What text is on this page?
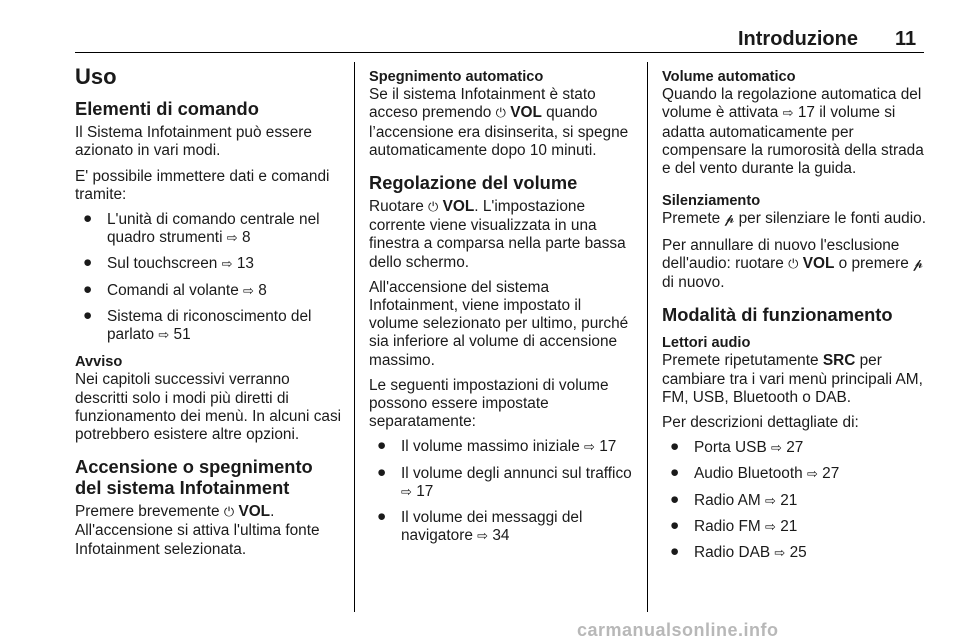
Introduzione 11

Uso

Elementi di comando

Il Sistema Infotainment può essere azionato in vari modi.

E' possibile immettere dati e comandi tramite:

● L'unità di comando centrale nel quadro strumenti ⇨ 8
● Sul touchscreen ⇨ 13
● Comandi al volante ⇨ 8
● Sistema di riconoscimento del parlato ⇨ 51

Avviso

Nei capitoli successivi verranno descritti solo i modi più diretti di funzionamento dei menù. In alcuni casi potrebbero esistere altre opzioni.

Accensione o spegnimento del sistema Infotainment

Premere brevemente ⏻ VOL. All'accensione si attiva l'ultima fonte Infotainment selezionata.

Spegnimento automatico

Se il sistema Infotainment è stato acceso premendo ⏻ VOL quando l’accensione era disinserita, si spegne automaticamente dopo 10 minuti.

Regolazione del volume

Ruotare ⏻ VOL. L'impostazione corrente viene visualizzata in una finestra a comparsa nella parte bassa dello schermo.

All'accensione del sistema Infotainment, viene impostato il volume selezionato per ultimo, purché sia inferiore al volume di accensione massimo.

Le seguenti impostazioni di volume possono essere impostate separatamente:

● Il volume massimo iniziale ⇨ 17
● Il volume degli annunci sul traffico ⇨ 17
● Il volume dei messaggi del navigatore ⇨ 34

Volume automatico

Quando la regolazione automatica del volume è attivata ⇨ 17 il volume si adatta automaticamente per compensare la rumorosità della strada e del vento durante la guida.

Silenziamento

Premete 𝓹 per silenziare le fonti audio.

Per annullare di nuovo l'esclusione dell'audio: ruotare ⏻ VOL o premere 𝓹 di nuovo.

Modalità di funzionamento

Lettori audio

Premete ripetutamente SRC per cambiare tra i vari menù principali AM, FM, USB, Bluetooth o DAB.

Per descrizioni dettagliate di:

● Porta USB ⇨ 27
● Audio Bluetooth ⇨ 27
● Radio AM ⇨ 21
● Radio FM ⇨ 21
● Radio DAB ⇨ 25
carmanualsonline.info
